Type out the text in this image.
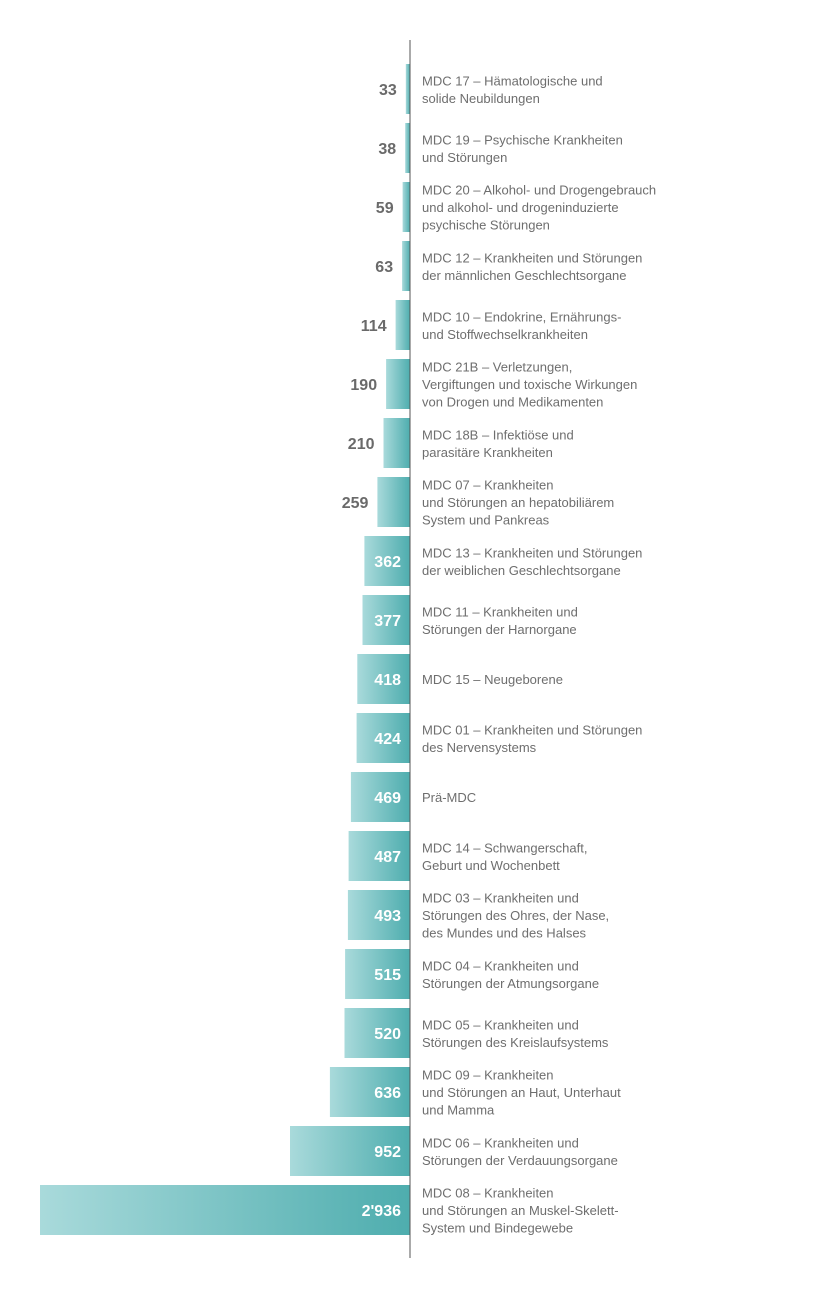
33
MDC 17 – Hämatologische und solide Neubildungen
38
MDC 19 – Psychische Krankheiten und Störungen
59
MDC 20 – Alkohol- und Drogengebrauch und alkohol- und drogeninduzierte psychische Störungen
63
MDC 12 – Krankheiten und Störungen der männlichen Geschlechtsorgane
114
MDC 10 – Endokrine, Ernährungs-und Stoffwechselkrankheiten
190
MDC 21B – Verletzungen, Vergiftungen und toxische Wirkungen von Drogen und Medikamenten
210
MDC 18B – Infektiöse und parasitäre Krankheiten
259
MDC 07 – Krankheiten und Störungen an hepatobiliärem System und Pankreas
362
MDC 13 – Krankheiten und Störungen der weiblichen Geschlechtsorgane
377
MDC 11 – Krankheiten und Störungen der Harnorgane
418 MDC 15 – Neugeborene
424
MDC 01 – Krankheiten und Störungen des Nervensystems
469 Prä-MDC
487
MDC 14 – Schwangerschaft, Geburt und Wochenbett
493
MDC 03 – Krankheiten und Störungen des Ohres, der Nase, des Mundes und des Halses
515
MDC 04 – Krankheiten und Störungen der Atmungsorgane
520
MDC 05 – Krankheiten und Störungen des Kreislaufsystems
636
MDC 09 – Krankheiten und Störungen an Haut, Unterhaut und Mamma
952
MDC 06 – Krankheiten und Störungen der Verdauungsorgane
2'936
MDC 08 – Krankheiten und Störungen an Muskel-Skelett-System und Bindegewebe
